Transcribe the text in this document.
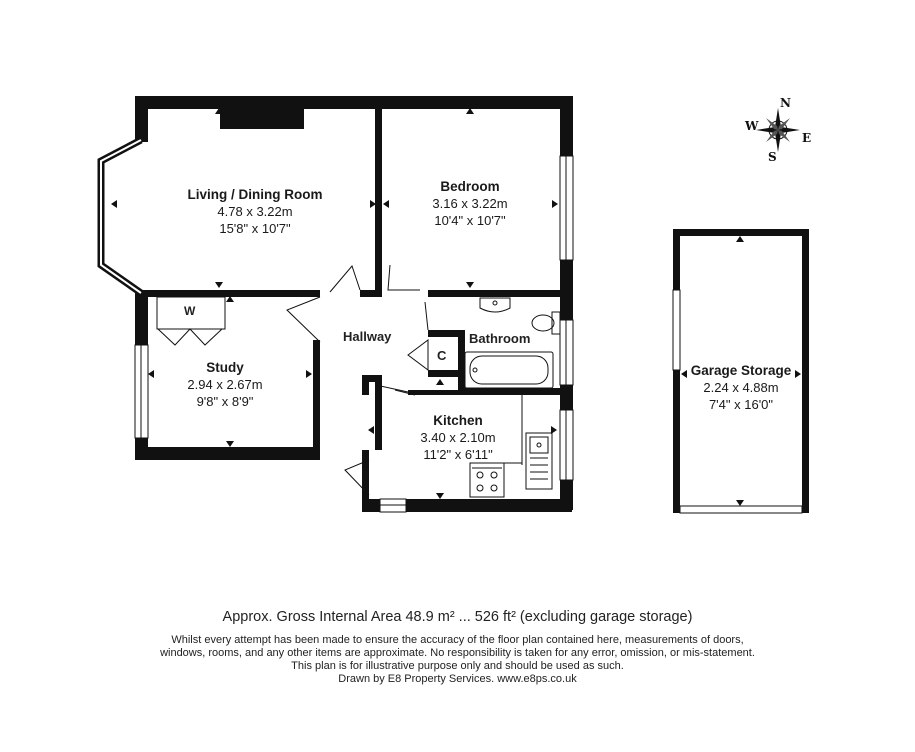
N
E
S
W
Living / Dining Room
4.78 x 3.22m
15'8" x 10'7"
Bedroom
3.16 x 3.22m
10'4" x 10'7"
Study
2.94 x 2.67m
9'8" x 8'9"
Kitchen
3.40 x 2.10m
11'2" x 6'11"
Garage Storage
2.24 x 4.88m
7'4" x 16'0"
Hallway	Bathroom
C
W
Approx. Gross Internal Area 48.9 m² ... 526 ft² (excluding garage storage)
Whilst every attempt has been made to ensure the accuracy of the floor plan contained here, measurements of doors,
windows, rooms, and any other items are approximate. No responsibility is taken for any error, omission, or mis-statement.
This plan is for illustrative purpose only and should be used as such.
Drawn by E8 Property Services. www.e8ps.co.uk
